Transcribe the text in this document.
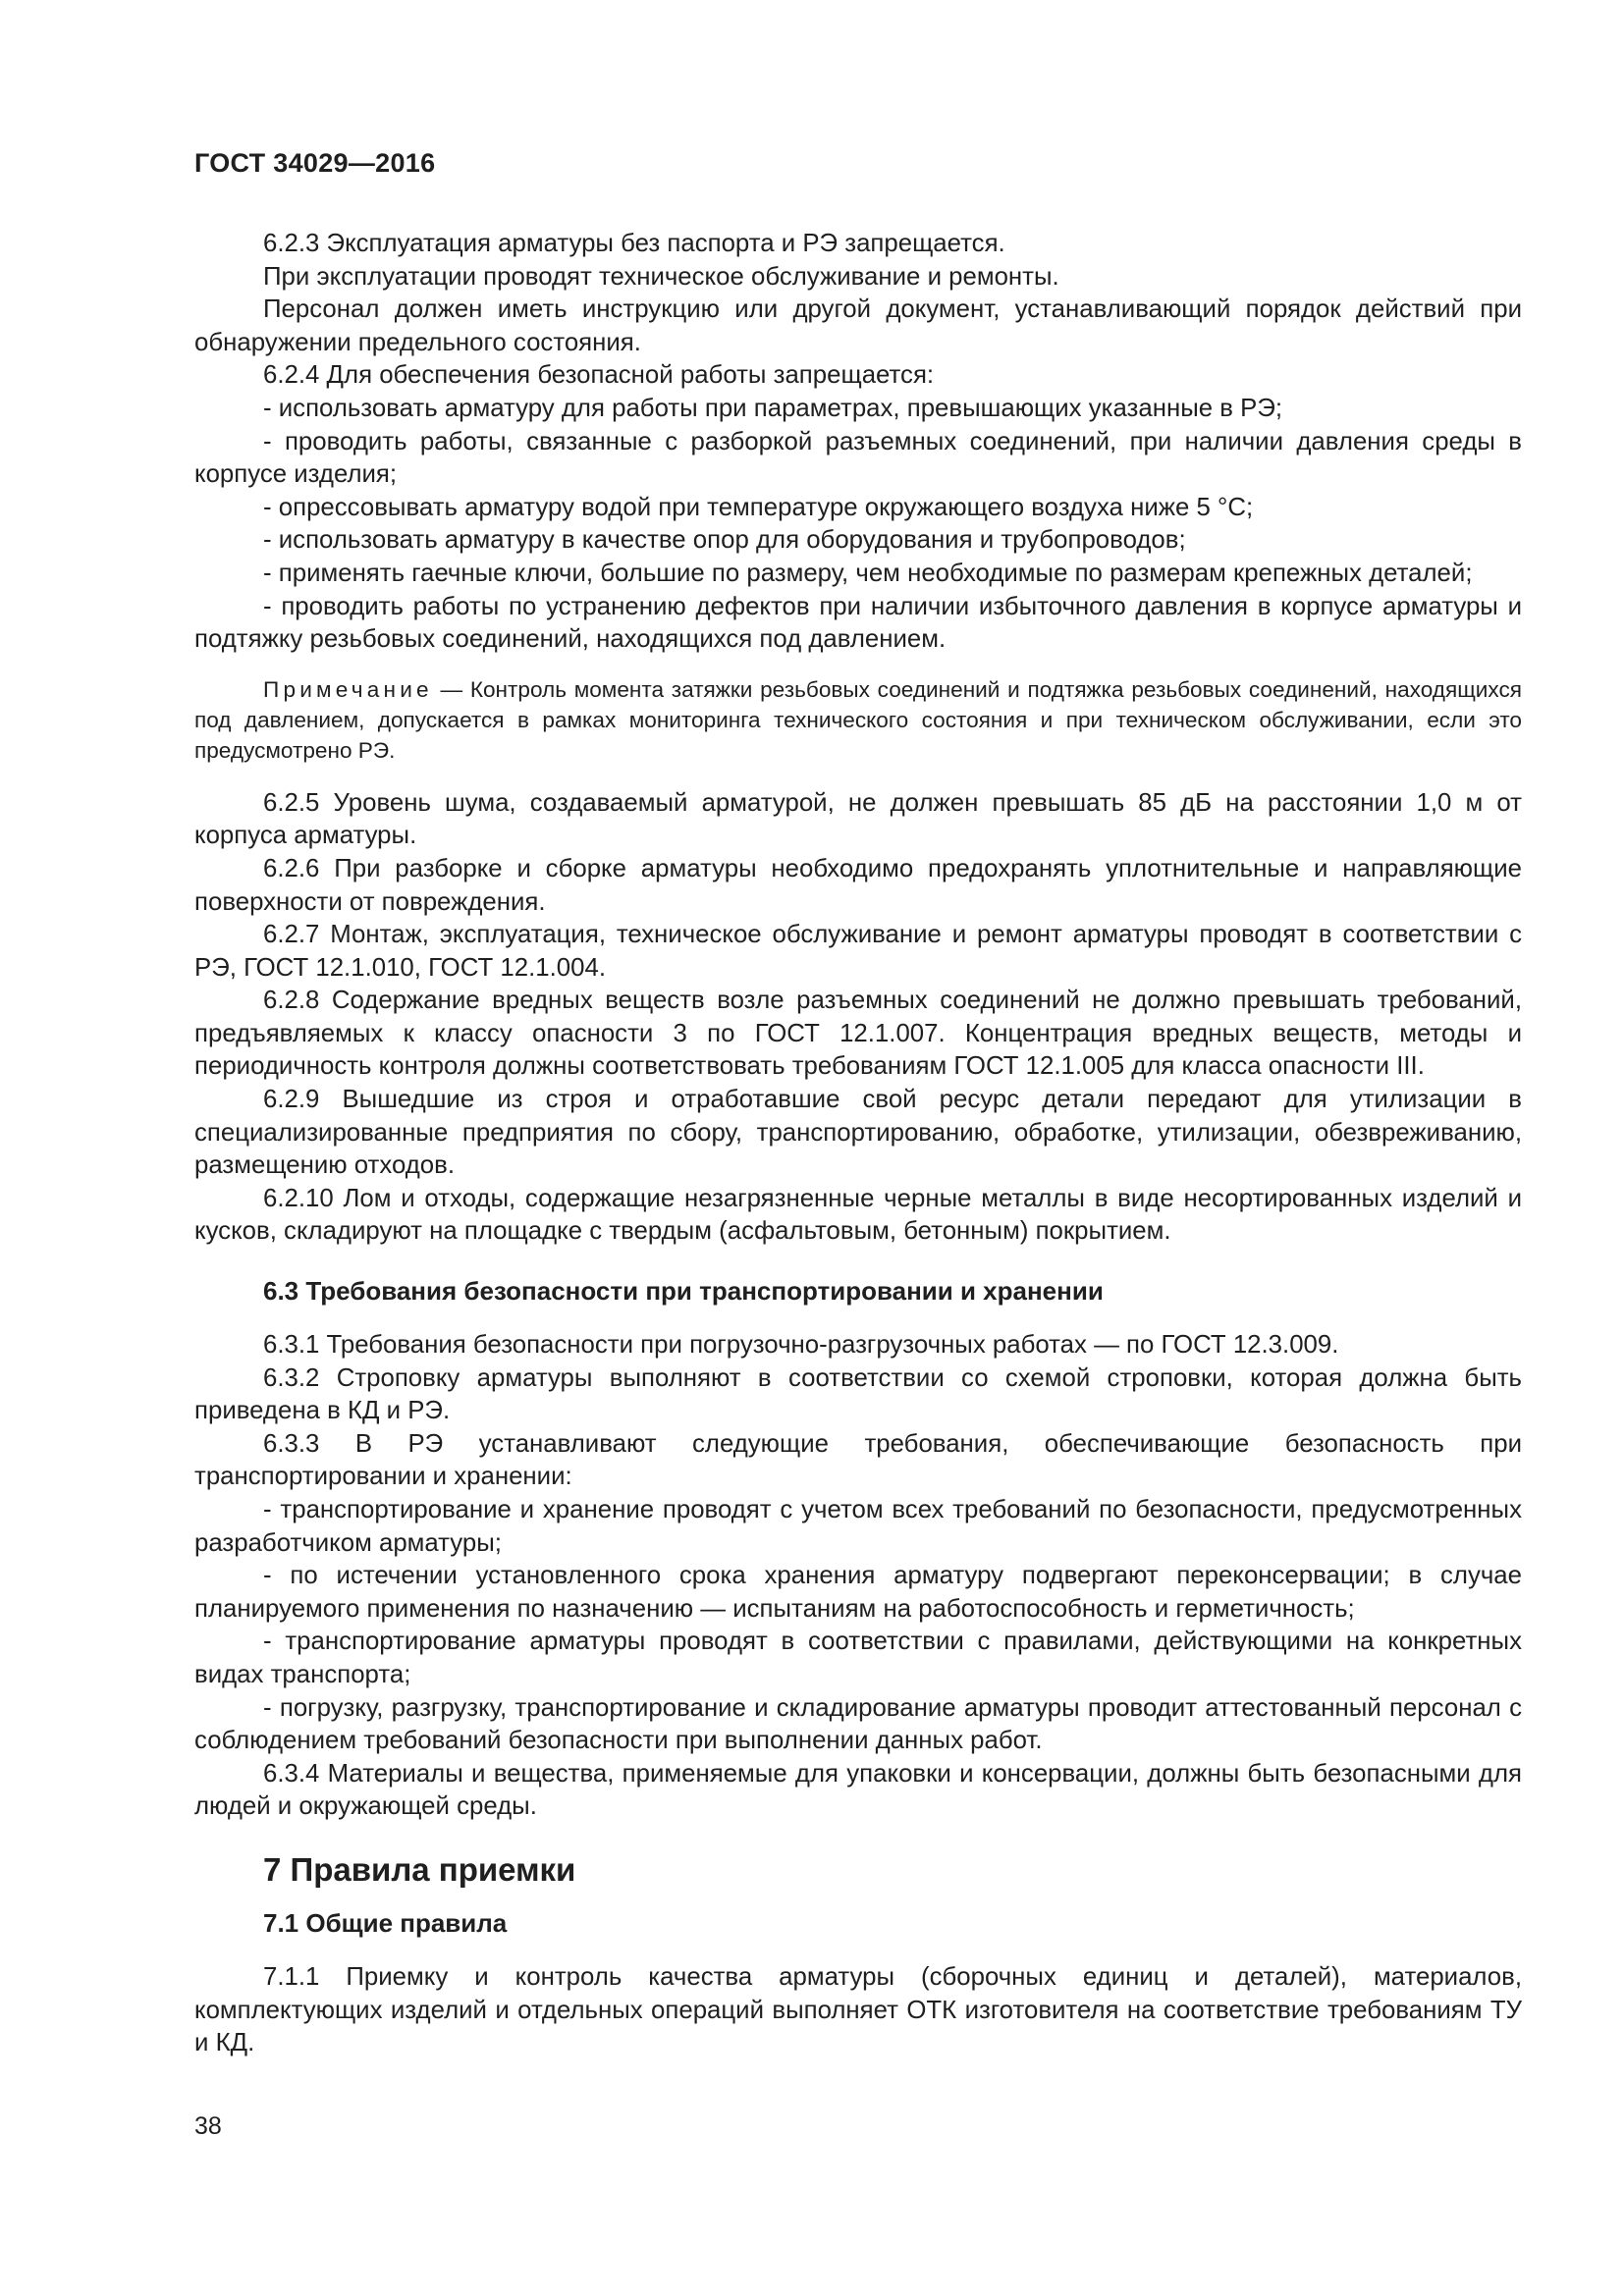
ГОСТ 34029—2016

6.2.3 Эксплуатация арматуры без паспорта и РЭ запрещается.

При эксплуатации проводят техническое обслуживание и ремонты.

Персонал должен иметь инструкцию или другой документ, устанавливающий порядок действий при обнаружении предельного состояния.

6.2.4 Для обеспечения безопасной работы запрещается:

- использовать арматуру для работы при параметрах, превышающих указанные в РЭ;

- проводить работы, связанные с разборкой разъемных соединений, при наличии давления среды в корпусе изделия;

- опрессовывать арматуру водой при температуре окружающего воздуха ниже 5 °С;

- использовать арматуру в качестве опор для оборудования и трубопроводов;

- применять гаечные ключи, большие по размеру, чем необходимые по размерам крепежных деталей;

- проводить работы по устранению дефектов при наличии избыточного давления в корпусе арматуры и подтяжку резьбовых соединений, находящихся под давлением.

Примечание — Контроль момента затяжки резьбовых соединений и подтяжка резьбовых соединений, находящихся под давлением, допускается в рамках мониторинга технического состояния и при техническом обслуживании, если это предусмотрено РЭ.

6.2.5 Уровень шума, создаваемый арматурой, не должен превышать 85 дБ на расстоянии 1,0 м от корпуса арматуры.

6.2.6 При разборке и сборке арматуры необходимо предохранять уплотнительные и направляющие поверхности от повреждения.

6.2.7 Монтаж, эксплуатация, техническое обслуживание и ремонт арматуры проводят в соответствии с РЭ, ГОСТ 12.1.010, ГОСТ 12.1.004.

6.2.8 Содержание вредных веществ возле разъемных соединений не должно превышать требований, предъявляемых к классу опасности 3 по ГОСТ 12.1.007. Концентрация вредных веществ, методы и периодичность контроля должны соответствовать требованиям ГОСТ 12.1.005 для класса опасности III.

6.2.9 Вышедшие из строя и отработавшие свой ресурс детали передают для утилизации в специализированные предприятия по сбору, транспортированию, обработке, утилизации, обезвреживанию, размещению отходов.

6.2.10 Лом и отходы, содержащие незагрязненные черные металлы в виде несортированных изделий и кусков, складируют на площадке с твердым (асфальтовым, бетонным) покрытием.

6.3 Требования безопасности при транспортировании и хранении

6.3.1 Требования безопасности при погрузочно-разгрузочных работах — по ГОСТ 12.3.009.

6.3.2 Строповку арматуры выполняют в соответствии со схемой строповки, которая должна быть приведена в КД и РЭ.

6.3.3 В РЭ устанавливают следующие требования, обеспечивающие безопасность при транспортировании и хранении:

- транспортирование и хранение проводят с учетом всех требований по безопасности, предусмотренных разработчиком арматуры;

- по истечении установленного срока хранения арматуру подвергают переконсервации; в случае планируемого применения по назначению — испытаниям на работоспособность и герметичность;

- транспортирование арматуры проводят в соответствии с правилами, действующими на конкретных видах транспорта;

- погрузку, разгрузку, транспортирование и складирование арматуры проводит аттестованный персонал с соблюдением требований безопасности при выполнении данных работ.

6.3.4 Материалы и вещества, применяемые для упаковки и консервации, должны быть безопасными для людей и окружающей среды.

7 Правила приемки

7.1 Общие правила

7.1.1 Приемку и контроль качества арматуры (сборочных единиц и деталей), материалов, комплектующих изделий и отдельных операций выполняет ОТК изготовителя на соответствие требованиям ТУ и КД.

38
